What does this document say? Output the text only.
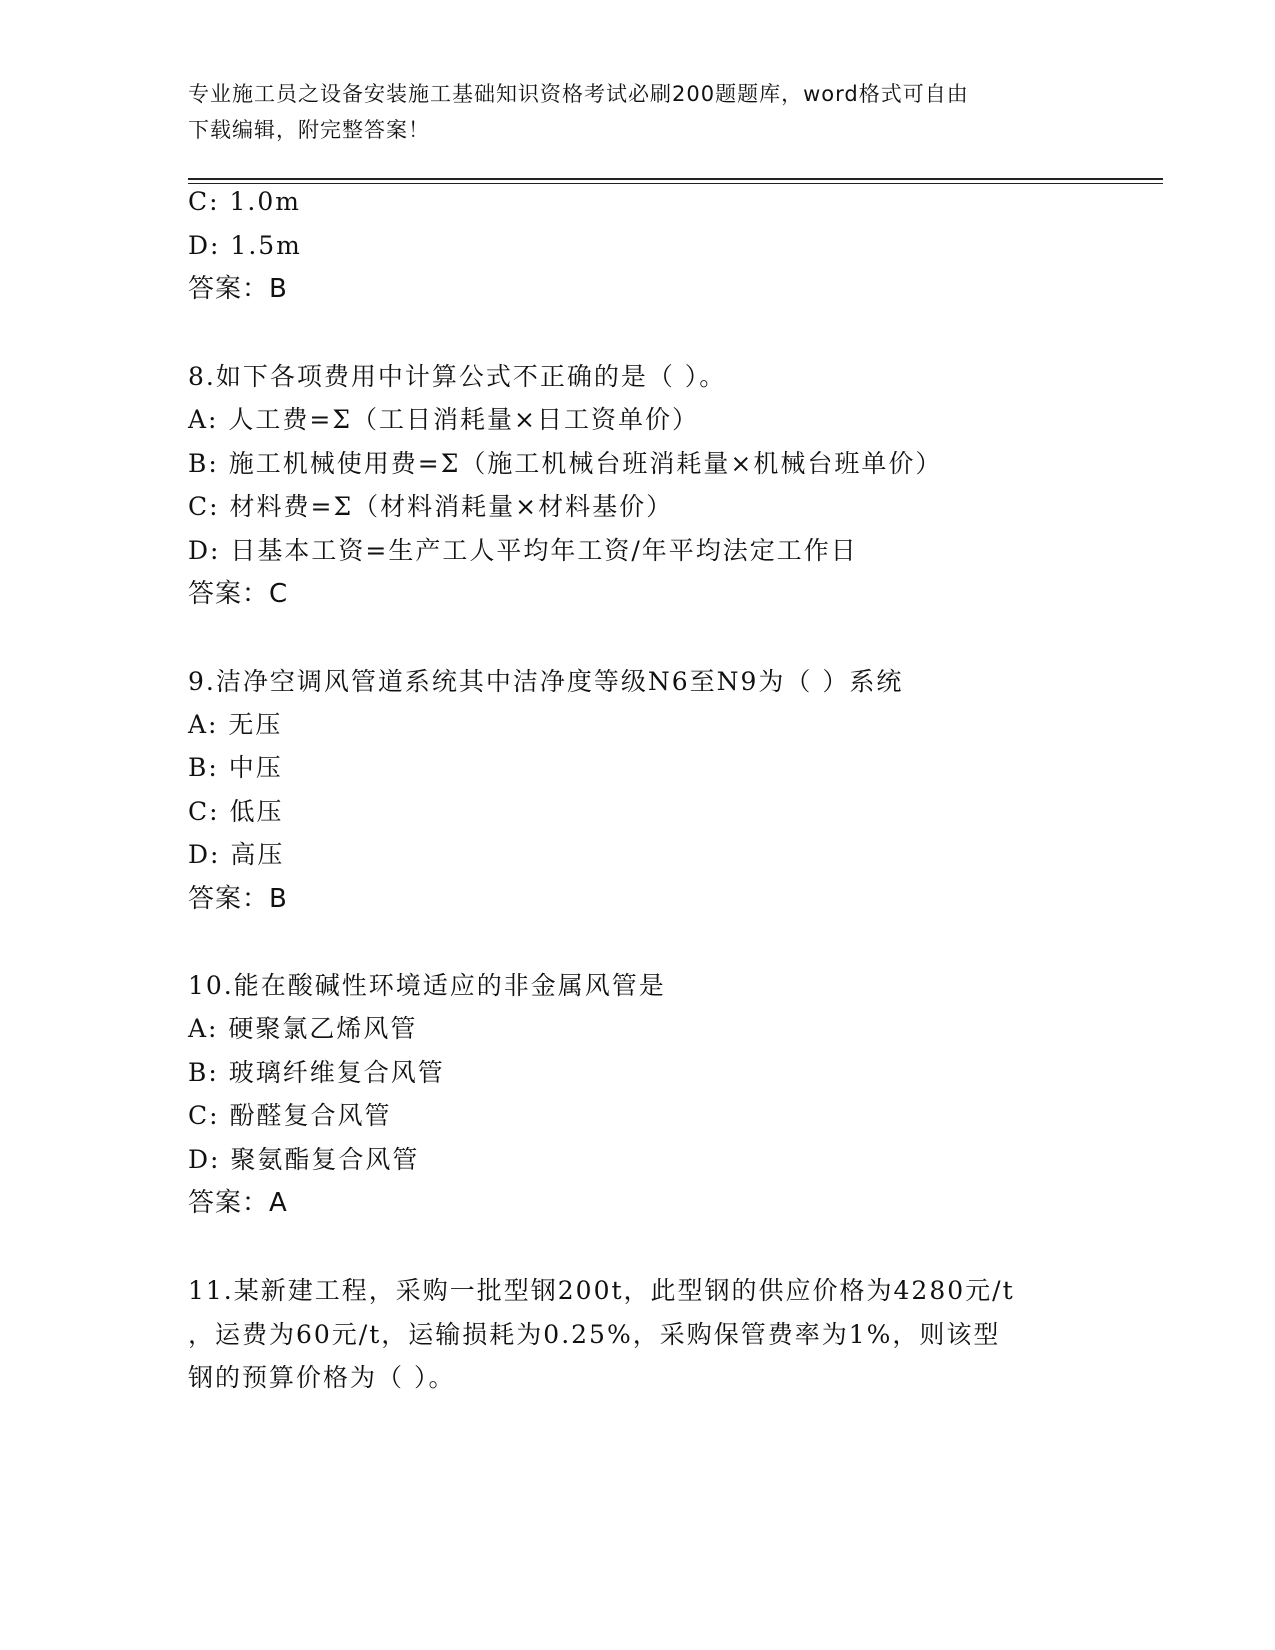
专业施工员之设备安装施工基础知识资格考试必刷200题题库，word格式可自由
下载编辑，附完整答案！
C: 1.0m
D: 1.5m
答案：B
8.如下各项费用中计算公式不正确的是（ ）。
A: 人工费=Σ（工日消耗量×日工资单价）
B: 施工机械使用费=Σ（施工机械台班消耗量×机械台班单价）
C: 材料费=Σ（材料消耗量×材料基价）
D: 日基本工资=生产工人平均年工资/年平均法定工作日
答案：C
9.洁净空调风管道系统其中洁净度等级N6至N9为（ ）系统
A: 无压
B: 中压
C: 低压
D: 高压
答案：B
10.能在酸碱性环境适应的非金属风管是
A: 硬聚氯乙烯风管
B: 玻璃纤维复合风管
C: 酚醛复合风管
D: 聚氨酯复合风管
答案：A
11.某新建工程，采购一批型钢200t，此型钢的供应价格为4280元/t
，运费为60元/t，运输损耗为0.25%，采购保管费率为1%，则该型
钢的预算价格为（ ）。
